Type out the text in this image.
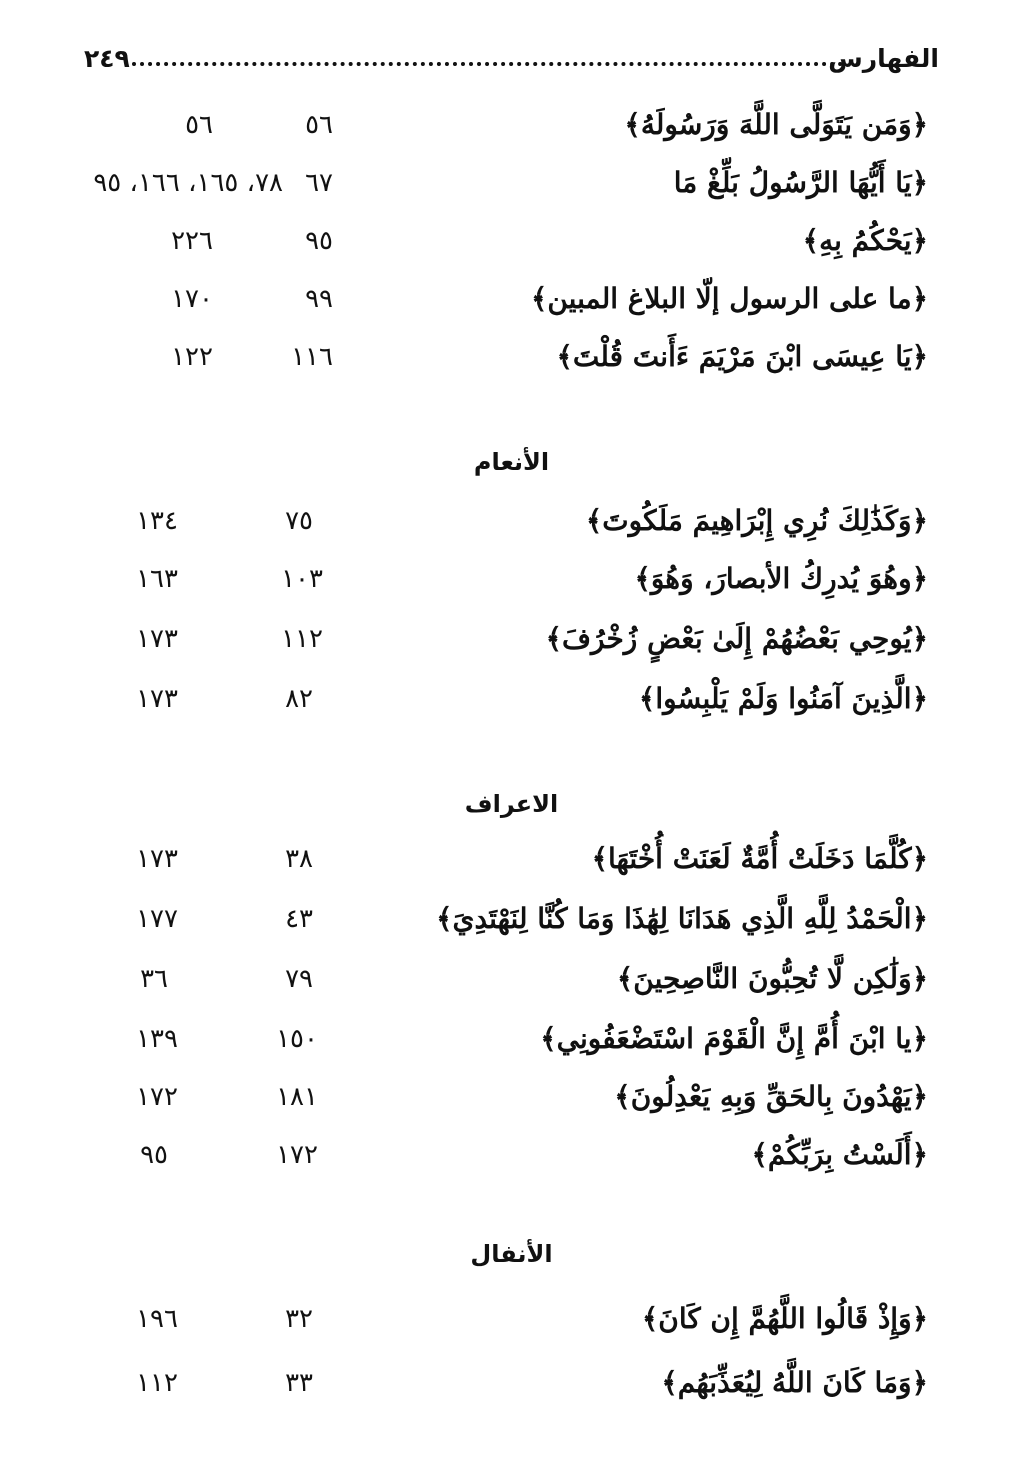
الفهارس
٢٤٩
﴿وَمَن يَتَوَلَّى اللَّهَ وَرَسُولَهُ﴾
٥٦
٥٦
﴿يَا أَيُّهَا الرَّسُولُ بَلِّغْ مَا
٦٧
٧٨، ١٦٥، ١٦٦، ٩٥
﴿يَحْكُمُ بِهِ﴾
٩٥
٢٢٦
﴿ما على الرسول إلّا البلاغ المبين﴾
٩٩
١٧٠
﴿يَا عِيسَى ابْنَ مَرْيَمَ ءَأَنتَ قُلْتَ﴾
١١٦
١٢٢
الأنعام
﴿وَكَذَٰلِكَ نُرِي إِبْرَاهِيمَ مَلَكُوتَ﴾
٧٥
١٣٤
﴿وهُوَ يُدرِكُ الأبصارَ، وَهُوَ﴾
١٠٣
١٦٣
﴿يُوحِي بَعْضُهُمْ إِلَىٰ بَعْضٍ زُخْرُفَ﴾
١١٢
١٧٣
﴿الَّذِينَ آمَنُوا وَلَمْ يَلْبِسُوا﴾
٨٢
١٧٣
الاعراف
﴿كُلَّمَا دَخَلَتْ أُمَّةٌ لَعَنَتْ أُخْتَهَا﴾
٣٨
١٧٣
﴿الْحَمْدُ لِلَّهِ الَّذِي هَدَانَا لِهَٰذَا وَمَا كُنَّا لِنَهْتَدِيَ﴾
٤٣
١٧٧
﴿وَلَٰكِن لَّا تُحِبُّونَ النَّاصِحِينَ﴾
٧٩
٣٦
﴿يا ابْنَ أُمَّ إِنَّ الْقَوْمَ اسْتَضْعَفُونِي﴾
١٥٠
١٣٩
﴿يَهْدُونَ بِالحَقِّ وَبِهِ يَعْدِلُونَ﴾
١٨١
١٧٢
﴿أَلَسْتُ بِرَبِّكُمْ﴾
١٧٢
٩٥
الأنفال
﴿وَإِذْ قَالُوا اللَّهُمَّ إِن كَانَ﴾
٣٢
١٩٦
﴿وَمَا كَانَ اللَّهُ لِيُعَذِّبَهُم﴾
٣٣
١١٢
